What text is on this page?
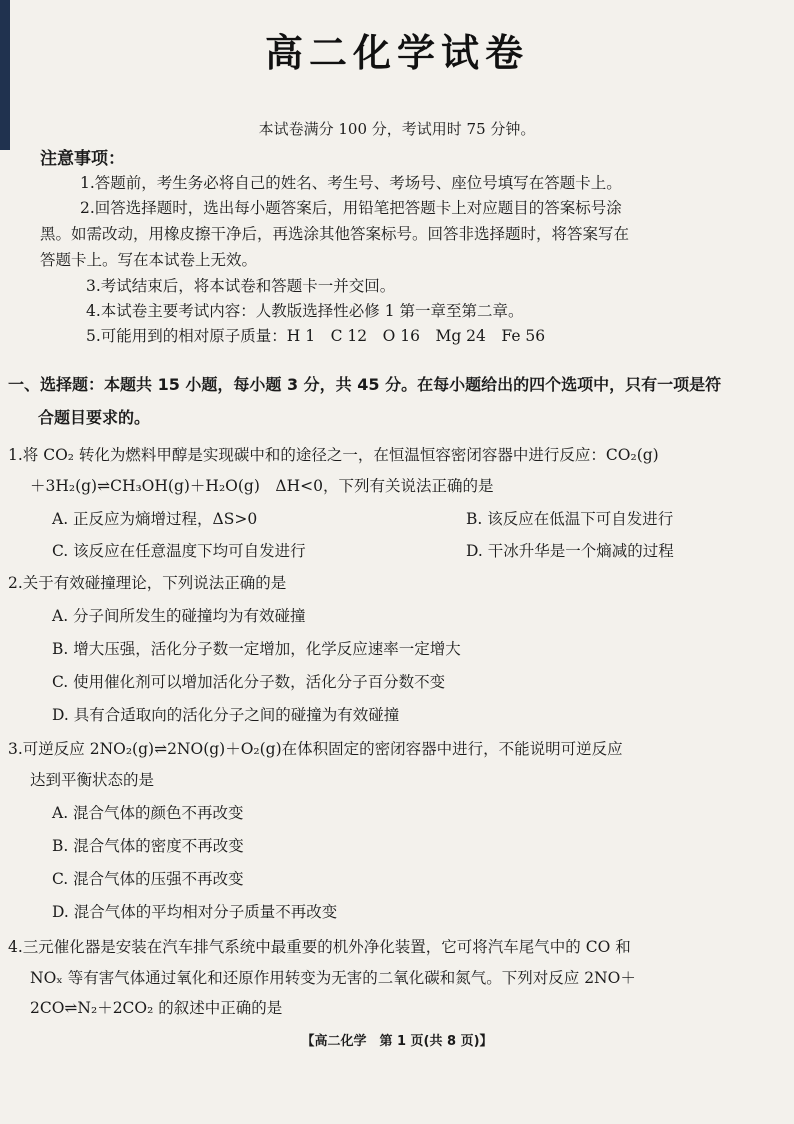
高二化学试卷
本试卷满分 100 分，考试用时 75 分钟。
注意事项：
1.答题前，考生务必将自己的姓名、考生号、考场号、座位号填写在答题卡上。
2.回答选择题时，选出每小题答案后，用铅笔把答题卡上对应题目的答案标号涂
黑。如需改动，用橡皮擦干净后，再选涂其他答案标号。回答非选择题时，将答案写在
答题卡上。写在本试卷上无效。
3.考试结束后，将本试卷和答题卡一并交回。
4.本试卷主要考试内容：人教版选择性必修 1 第一章至第二章。
5.可能用到的相对原子质量：H 1　C 12　O 16　Mg 24　Fe 56
一、选择题：本题共 15 小题，每小题 3 分，共 45 分。在每小题给出的四个选项中，只有一项是符
合题目要求的。
1.将 CO₂ 转化为燃料甲醇是实现碳中和的途径之一，在恒温恒容密闭容器中进行反应：CO₂(g)
＋3H₂(g)⇌CH₃OH(g)＋H₂O(g)　ΔH<0，下列有关说法正确的是
A. 正反应为熵增过程，ΔS>0	B. 该反应在低温下可自发进行
C. 该反应在任意温度下均可自发进行	D. 干冰升华是一个熵减的过程
2.关于有效碰撞理论，下列说法正确的是
A. 分子间所发生的碰撞均为有效碰撞
B. 增大压强，活化分子数一定增加，化学反应速率一定增大
C. 使用催化剂可以增加活化分子数，活化分子百分数不变
D. 具有合适取向的活化分子之间的碰撞为有效碰撞
3.可逆反应 2NO₂(g)⇌2NO(g)＋O₂(g)在体积固定的密闭容器中进行，不能说明可逆反应
达到平衡状态的是
A. 混合气体的颜色不再改变
B. 混合气体的密度不再改变
C. 混合气体的压强不再改变
D. 混合气体的平均相对分子质量不再改变
4.三元催化器是安装在汽车排气系统中最重要的机外净化装置，它可将汽车尾气中的 CO 和
NOₓ 等有害气体通过氧化和还原作用转变为无害的二氧化碳和氮气。下列对反应 2NO＋
2CO⇌N₂＋2CO₂ 的叙述中正确的是
【高二化学　第 1 页(共 8 页)】
